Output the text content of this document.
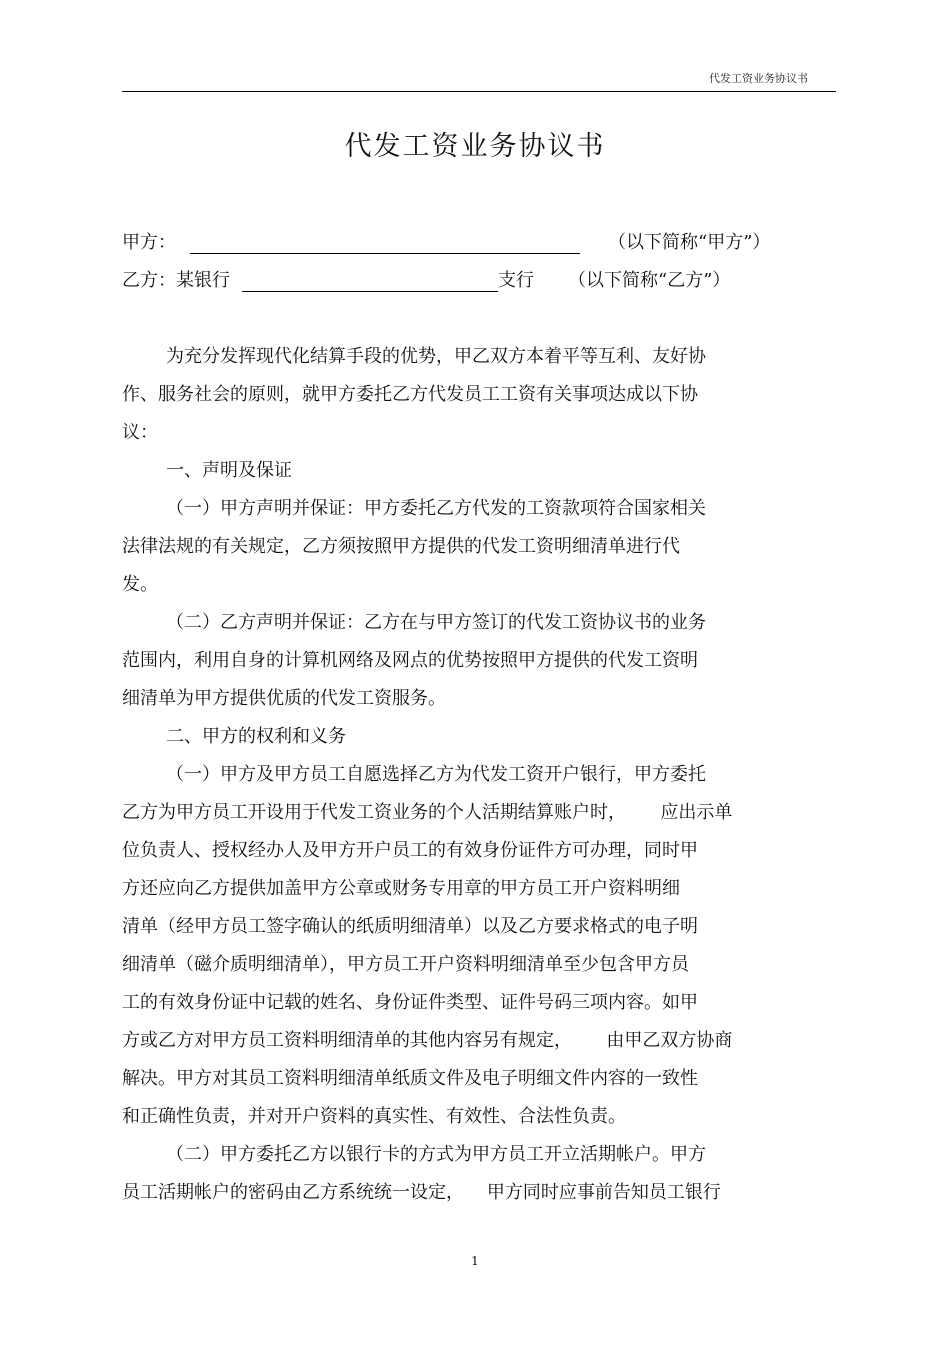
代发工资业务协议书
代发工资业务协议书
甲方：	（以下简称“甲方”）
乙方：某银行	支行 （以下简称“乙方”）
为充分发挥现代化结算手段的优势，甲乙双方本着平等互利、友好协
作、服务社会的原则，就甲方委托乙方代发员工工资有关事项达成以下协
议：
一、声明及保证
（一）甲方声明并保证：甲方委托乙方代发的工资款项符合国家相关
法律法规的有关规定，乙方须按照甲方提供的代发工资明细清单进行代
发。
（二）乙方声明并保证：乙方在与甲方签订的代发工资协议书的业务
范围内，利用自身的计算机网络及网点的优势按照甲方提供的代发工资明
细清单为甲方提供优质的代发工资服务。
二、甲方的权利和义务
（一）甲方及甲方员工自愿选择乙方为代发工资开户银行，甲方委托
乙方为甲方员工开设用于代发工资业务的个人活期结算账户时，      应出示单
位负责人、授权经办人及甲方开户员工的有效身份证件方可办理，同时甲
方还应向乙方提供加盖甲方公章或财务专用章的甲方员工开户资料明细
清单（经甲方员工签字确认的纸质明细清单）以及乙方要求格式的电子明
细清单（磁介质明细清单），甲方员工开户资料明细清单至少包含甲方员
工的有效身份证中记载的姓名、身份证件类型、证件号码三项内容。如甲
方或乙方对甲方员工资料明细清单的其他内容另有规定，      由甲乙双方协商
解决。甲方对其员工资料明细清单纸质文件及电子明细文件内容的一致性
和正确性负责，并对开户资料的真实性、有效性、合法性负责。
（二）甲方委托乙方以银行卡的方式为甲方员工开立活期帐户。甲方
员工活期帐户的密码由乙方系统统一设定，    甲方同时应事前告知员工银行
1
